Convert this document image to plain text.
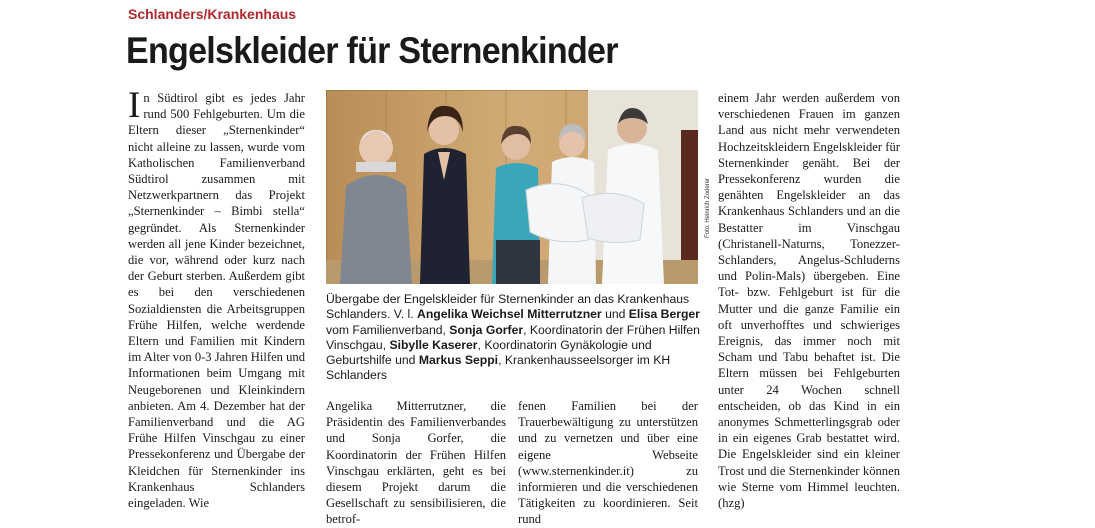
Schlanders/Krankenhaus
Engelskleider für Sternenkinder

In Südtirol gibt es jedes Jahr rund 500 Fehlgeburten. Um die Eltern dieser „Sternenkinder“ nicht alleine zu lassen, wurde vom Katholischen Familienverband Südtirol zusammen mit Netzwerkpartnern das Projekt „Sternenkinder – Bimbi stella“ gegründet. Als Sternenkinder werden all jene Kinder bezeichnet, die vor, während oder kurz nach der Geburt sterben. Außerdem gibt es bei den verschiedenen Sozialdiensten die Arbeitsgruppen Frühe Hilfen, welche werdende Eltern und Familien mit Kindern im Alter von 0-3 Jahren Hilfen und Informationen beim Umgang mit Neugeborenen und Kleinkindern anbieten. Am 4. Dezember hat der Familienverband und die AG Frühe Hilfen Vinschgau zu einer Pressekonferenz und Übergabe der Kleidchen für Sternenkinder ins Krankenhaus Schlanders eingeladen. Wie

Foto: Heinrich Zoderer

Übergabe der Engelskleider für Sternenkinder an das Krankenhaus Schlanders. V. l. Angelika Weichsel Mitterrutzner und Elisa Berger vom Familienverband, Sonja Gorfer, Koordinatorin der Frühen Hilfen Vinschgau, Sibylle Kaserer, Koordinatorin Gynäkologie und Geburtshilfe und Markus Seppi, Krankenhausseelsorger im KH Schlanders

Angelika Mitterrutzner, die Präsidentin des Familienverbandes und Sonja Gorfer, die Koordinatorin der Frühen Hilfen Vinschgau erklärten, geht es bei diesem Projekt darum die Gesellschaft zu sensibilisieren, die betrof-

fenen Familien bei der Trauerbewältigung zu unterstützen und zu vernetzen und über eine eigene Webseite (www.sternenkinder.it) zu informieren und die verschiedenen Tätigkeiten zu koordinieren. Seit rund

einem Jahr werden außerdem von verschiedenen Frauen im ganzen Land aus nicht mehr verwendeten Hochzeitskleidern Engelskleider für Sternenkinder genäht. Bei der Pressekonferenz wurden die genähten Engelskleider an das Krankenhaus Schlanders und an die Bestatter im Vinschgau (Christanell-Naturns, Tonezzer-Schlanders, Angelus-Schluderns und Polin-Mals) übergeben. Eine Tot- bzw. Fehlgeburt ist für die Mutter und die ganze Familie ein oft unverhofftes und schwieriges Ereignis, das immer noch mit Scham und Tabu behaftet ist. Die Eltern müssen bei Fehlgeburten unter 24 Wochen schnell entscheiden, ob das Kind in ein anonymes Schmetterlingsgrab oder in ein eigenes Grab bestattet wird. Die Engelskleider sind ein kleiner Trost und die Sternenkinder können wie Sterne vom Himmel leuchten. (hzg)
